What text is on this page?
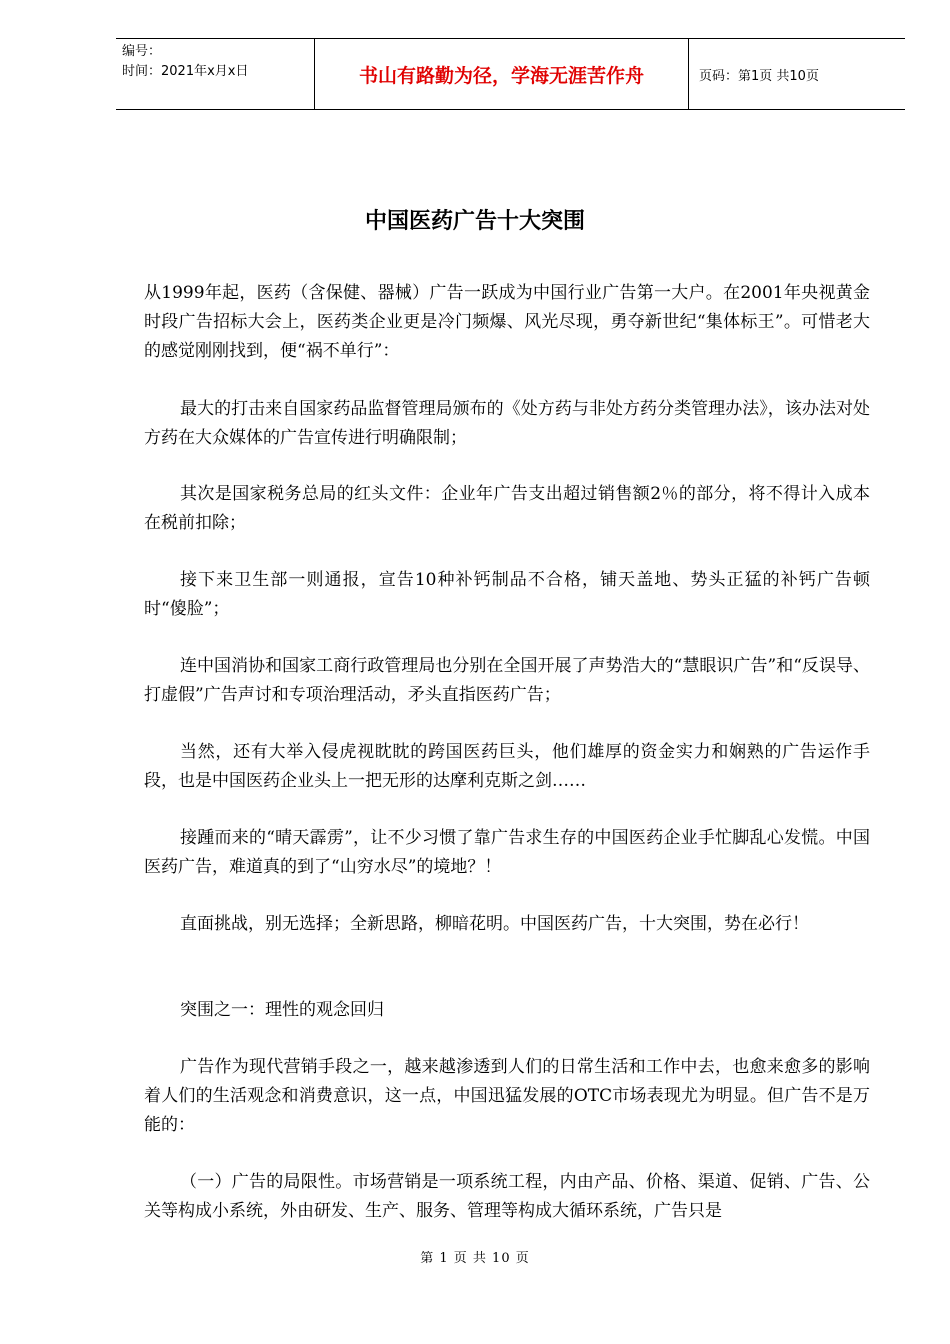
编号：
时间：2021年x月x日	书山有路勤为径，学海无涯苦作舟	页码：第1页 共10页
中国医药广告十大突围
从1999年起，医药（含保健、器械）广告一跃成为中国行业广告第一大户。在2001年央视黄金时段广告招标大会上，医药类企业更是冷门频爆、风光尽现，勇夺新世纪“集体标王”。可惜老大的感觉刚刚找到，便“祸不单行”：
最大的打击来自国家药品监督管理局颁布的《处方药与非处方药分类管理办法》，该办法对处方药在大众媒体的广告宣传进行明确限制；
其次是国家税务总局的红头文件：企业年广告支出超过销售额2％的部分，将不得计入成本在税前扣除；
接下来卫生部一则通报，宣告10种补钙制品不合格，铺天盖地、势头正猛的补钙广告顿时“傻脸”；
连中国消协和国家工商行政管理局也分别在全国开展了声势浩大的“慧眼识广告”和“反误导、打虚假”广告声讨和专项治理活动，矛头直指医药广告；
当然，还有大举入侵虎视眈眈的跨国医药巨头，他们雄厚的资金实力和娴熟的广告运作手段，也是中国医药企业头上一把无形的达摩利克斯之剑……
接踵而来的“晴天霹雳”，让不少习惯了靠广告求生存的中国医药企业手忙脚乱心发慌。中国医药广告，难道真的到了“山穷水尽”的境地？！
直面挑战，别无选择；全新思路，柳暗花明。中国医药广告，十大突围，势在必行！
突围之一：理性的观念回归
广告作为现代营销手段之一，越来越渗透到人们的日常生活和工作中去，也愈来愈多的影响着人们的生活观念和消费意识，这一点，中国迅猛发展的OTC市场表现尤为明显。但广告不是万能的：
（一）广告的局限性。市场营销是一项系统工程，内由产品、价格、渠道、促销、广告、公关等构成小系统，外由研发、生产、服务、管理等构成大循环系统，广告只是
第 1 页 共 10 页
